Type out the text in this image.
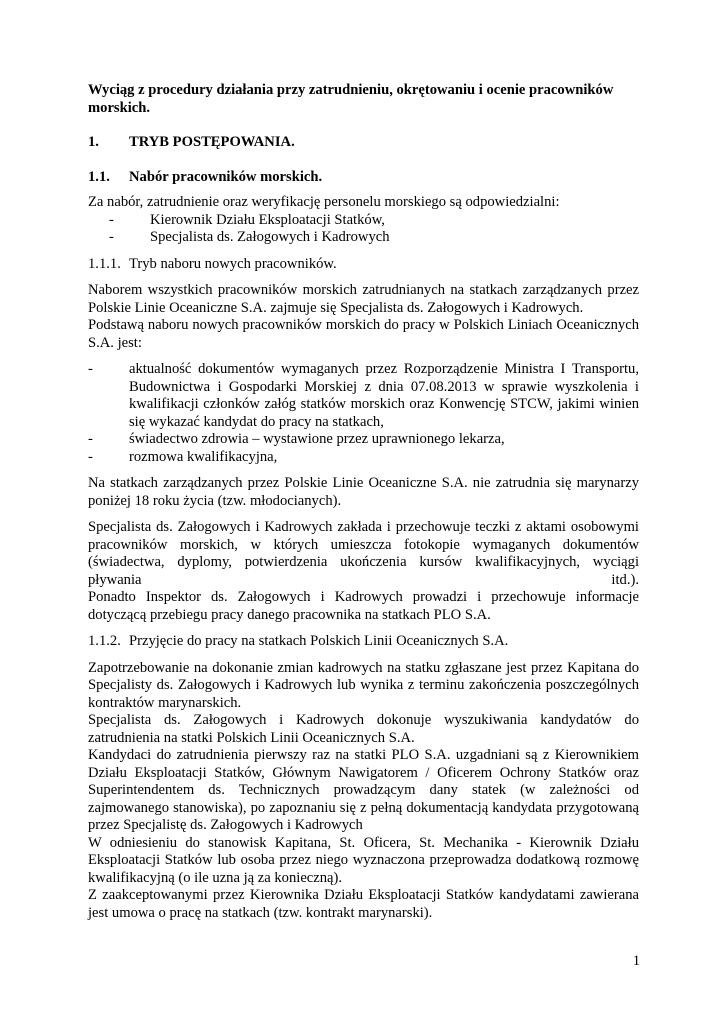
Wyciąg z procedury działania przy zatrudnieniu, okrętowaniu i ocenie pracowników morskich.

1.	TRYB POSTĘPOWANIA.
1.1.	Nabór pracowników morskich.

Za nabór, zatrudnienie oraz weryfikację personelu morskiego są odpowiedzialni:

-	Kierownik Działu Eksploatacji Statków,
-	Specjalista ds. Załogowych i Kadrowych
1.1.1. Tryb naboru nowych pracowników.

Naborem wszystkich pracowników morskich zatrudnianych na statkach zarządzanych przez Polskie Linie Oceaniczne S.A. zajmuje się Specjalista ds. Załogowych i Kadrowych.

Podstawą naboru nowych pracowników morskich do pracy w Polskich Liniach Oceanicznych S.A. jest:

-	aktualność dokumentów wymaganych przez Rozporządzenie Ministra I Transportu, Budownictwa i Gospodarki Morskiej z dnia 07.08.2013 w sprawie wyszkolenia i kwalifikacji członków załóg statków morskich oraz Konwencję STCW, jakimi winien się wykazać kandydat do pracy na statkach,
-	świadectwo zdrowia – wystawione przez uprawnionego lekarza,
-	rozmowa kwalifikacyjna,

Na statkach zarządzanych przez Polskie Linie Oceaniczne S.A. nie zatrudnia się marynarzy poniżej 18 roku życia (tzw. młodocianych).

Specjalista ds. Załogowych i Kadrowych zakłada i przechowuje teczki z aktami osobowymi pracowników morskich, w których umieszcza fotokopie wymaganych dokumentów (świadectwa, dyplomy, potwierdzenia ukończenia kursów kwalifikacyjnych, wyciągi pływania itd.).

Ponadto Inspektor ds. Załogowych i Kadrowych prowadzi i przechowuje informacje dotyczącą przebiegu pracy danego pracownika na statkach PLO S.A.

1.1.2. Przyjęcie do pracy na statkach Polskich Linii Oceanicznych S.A.

Zapotrzebowanie na dokonanie zmian kadrowych na statku zgłaszane jest przez Kapitana do Specjalisty ds. Załogowych i Kadrowych lub wynika z terminu zakończenia poszczególnych kontraktów marynarskich.

Specjalista ds. Załogowych i Kadrowych dokonuje wyszukiwania kandydatów do zatrudnienia na statki Polskich Linii Oceanicznych S.A.

Kandydaci do zatrudnienia pierwszy raz na statki PLO S.A. uzgadniani są z Kierownikiem Działu Eksploatacji Statków, Głównym Nawigatorem / Oficerem Ochrony Statków oraz Superintendentem ds. Technicznych prowadzącym dany statek (w zależności od zajmowanego stanowiska), po zapoznaniu się z pełną dokumentacją kandydata przygotowaną przez Specjalistę ds. Załogowych i Kadrowych

W odniesieniu do stanowisk Kapitana, St. Oficera, St. Mechanika - Kierownik Działu Eksploatacji Statków lub osoba przez niego wyznaczona przeprowadza dodatkową rozmowę kwalifikacyjną (o ile uzna ją za konieczną).

Z zaakceptowanymi przez Kierownika Działu Eksploatacji Statków kandydatami zawierana jest umowa o pracę na statkach (tzw. kontrakt marynarski).

1
